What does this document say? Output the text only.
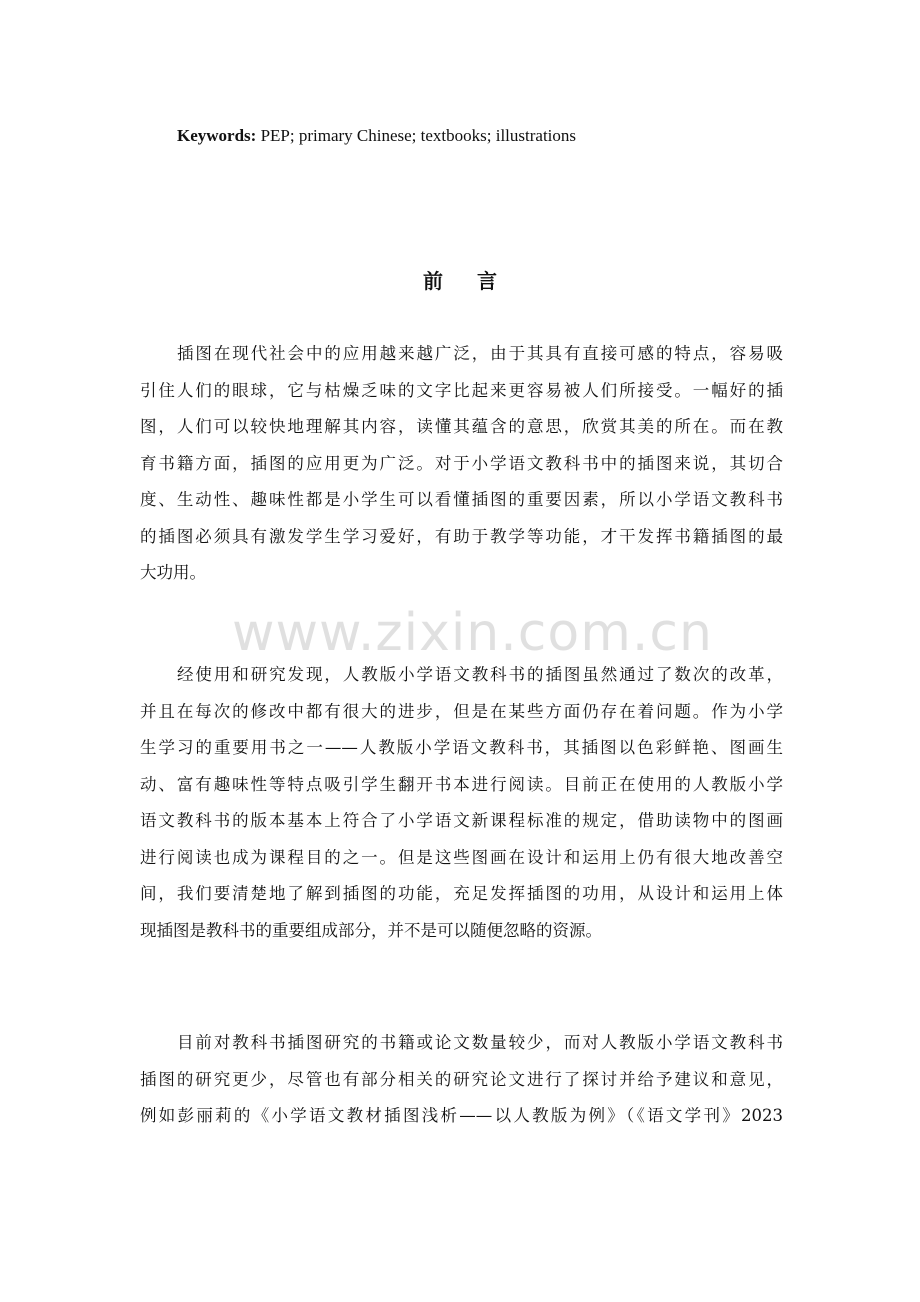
Keywords: PEP; primary Chinese; textbooks; illustrations
前言
插图在现代社会中的应用越来越广泛，由于其具有直接可感的特点，容易吸
引住人们的眼球，它与枯燥乏味的文字比起来更容易被人们所接受。一幅好的插
图，人们可以较快地理解其内容，读懂其蕴含的意思，欣赏其美的所在。而在教
育书籍方面，插图的应用更为广泛。对于小学语文教科书中的插图来说，其切合
度、生动性、趣味性都是小学生可以看懂插图的重要因素，所以小学语文教科书
的插图必须具有激发学生学习爱好，有助于教学等功能，才干发挥书籍插图的最
大功用。
经使用和研究发现，人教版小学语文教科书的插图虽然通过了数次的改革，
并且在每次的修改中都有很大的进步，但是在某些方面仍存在着问题。作为小学
生学习的重要用书之一——人教版小学语文教科书，其插图以色彩鲜艳、图画生
动、富有趣味性等特点吸引学生翻开书本进行阅读。目前正在使用的人教版小学
语文教科书的版本基本上符合了小学语文新课程标准的规定，借助读物中的图画
进行阅读也成为课程目的之一。但是这些图画在设计和运用上仍有很大地改善空
间，我们要清楚地了解到插图的功能，充足发挥插图的功用，从设计和运用上体
现插图是教科书的重要组成部分，并不是可以随便忽略的资源。
目前对教科书插图研究的书籍或论文数量较少，而对人教版小学语文教科书
插图的研究更少，尽管也有部分相关的研究论文进行了探讨并给予建议和意见，
例如彭丽莉的《小学语文教材插图浅析——以人教版为例》（《语文学刊》2023
www.zixin.com.cn
